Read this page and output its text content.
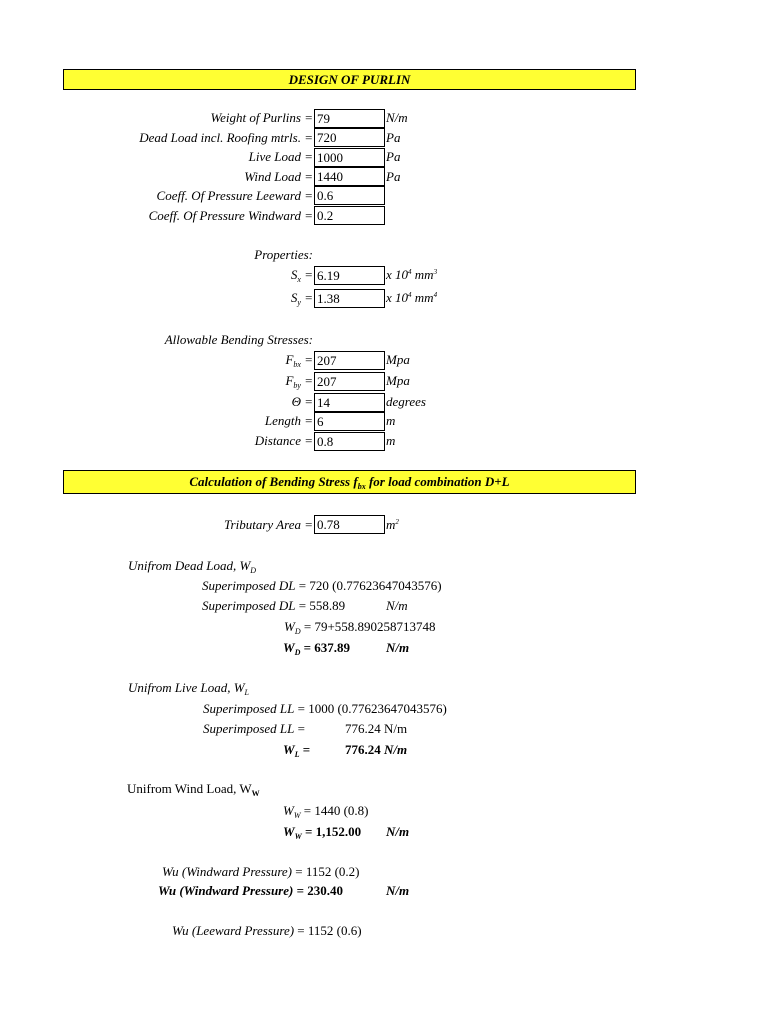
DESIGN OF PURLIN
Weight of Purlins = 79	N/m
Dead Load incl. Roofing mtrls. = 720	Pa
Live Load = 1000	Pa
Wind Load = 1440	Pa
Coeff. Of Pressure Leeward = 0.6
Coeff. Of Pressure Windward = 0.2
Properties:
$S_x = 6.19$	x $10^4$ $mm^3$
$S_y = 1.38$	x $10^4$ $mm^4$
Allowable Bending Stresses:
$F_{bx} = 207$	Mpa
$F_{by} = 207$	Mpa
Θ = 14	degrees
Length = 6	m
Distance = 0.8	m
Calculation of Bending Stress $f_{bx}$ for load combination D+L
Tributary Area = 0.78	$m^2$
Unifrom Dead Load, $W_D$
Superimposed DL = 720 (0.77623647043576)
Superimposed DL = 558.89	N/m
$W_D = 79+558.890258713748$
$W_D = 637.89$	N/m
Unifrom Live Load, $W_L$
Superimposed LL = 1000 (0.77623647043576)
Superimposed LL =	776.24 N/m
$W_L$ =	776.24 N/m
Unifrom Wind Load, $W_W$
$W_W = 1440$ (0.8)
$W_W = 1,152.00$ N/m
Wu (Windward Pressure) = 1152 (0.2)
Wu (Windward Pressure) = 230.40	N/m
Wu (Leeward Pressure) = 1152 (0.6)
